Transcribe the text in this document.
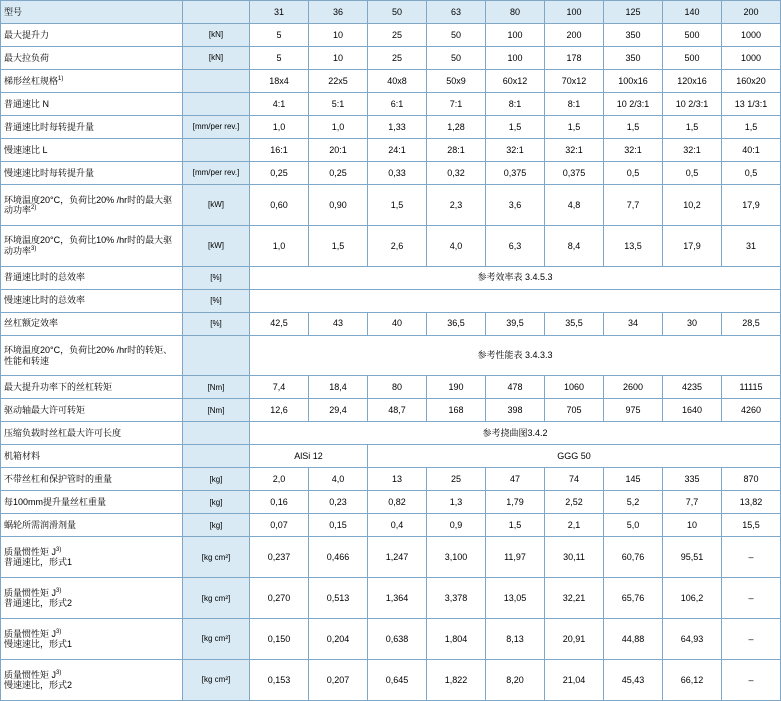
型号		31	36	50	63	80	100	125	140	200
最大提升力	[kN]	5	10	25	50	100	200	350	500	1000
最大拉负荷	[kN]	5	10	25	50	100	178	350	500	1000
梯形丝杠规格$^{1)}$		18x4	22x5	40x8	50x9	60x12	70x12	100x16	120x16	160x20
普通速比 N		4:1	5:1	6:1	7:1	8:1	8:1	10 2/3:1	10 2/3:1	13 1/3:1
普通速比时每转提升量	[mm/per rev.]	1,0	1,0	1,33	1,28	1,5	1,5	1,5	1,5	1,5
慢速速比 L		16:1	20:1	24:1	28:1	32:1	32:1	32:1	32:1	40:1
慢速速比时每转提升量	[mm/per rev.]	0,25	0,25	0,33	0,32	0,375	0,375	0,5	0,5	0,5
环境温度20°C，负荷比20% /hr时的最大驱动功率$^{2)}$	[kW]	0,60	0,90	1,5	2,3	3,6	4,8	7,7	10,2	17,9
环境温度20°C，负荷比10% /hr时的最大驱动功率$^{3)}$	[kW]	1,0	1,5	2,6	4,0	6,3	8,4	13,5	17,9	31
普通速比时的总效率	[%]	参考效率表 3.4.5.3								
慢速速比时的总效率	[%]									
丝杠额定效率	[%]	42,5	43	40	36,5	39,5	35,5	34	30	28,5
环境温度20°C，负荷比20% /hr时的转矩、性能和转速		参考性能表 3.4.3.3								
最大提升功率下的丝杠转矩	[Nm]	7,4	18,4	80	190	478	1060	2600	4235	11115
驱动轴最大许可转矩	[Nm]	12,6	29,4	48,7	168	398	705	975	1640	4260
压缩负载时丝杠最大许可长度		参考挠曲图3.4.2								
机箱材料		AlSi 12		GGG 50						
不带丝杠和保护管时的重量	[kg]	2,0	4,0	13	25	47	74	145	335	870
每100mm提升量丝杠重量	[kg]	0,16	0,23	0,82	1,3	1,79	2,52	5,2	7,7	13,82
蜗轮所需润滑剂量	[kg]	0,07	0,15	0,4	0,9	1,5	2,1	5,0	10	15,5
质量惯性矩 $J^{3)}$
普通速比，形式1	[kg cm²]	0,237	0,466	1,247	3,100	11,97	30,11	60,76	95,51	–
质量惯性矩 $J^{3)}$
普通速比，形式2	[kg cm²]	0,270	0,513	1,364	3,378	13,05	32,21	65,76	106,2	–
质量惯性矩 $J^{3)}$
慢速速比，形式1	[kg cm²]	0,150	0,204	0,638	1,804	8,13	20,91	44,88	64,93	–
质量惯性矩 $J^{3)}$
慢速速比，形式2	[kg cm²]	0,153	0,207	0,645	1,822	8,20	21,04	45,43	66,12	–
